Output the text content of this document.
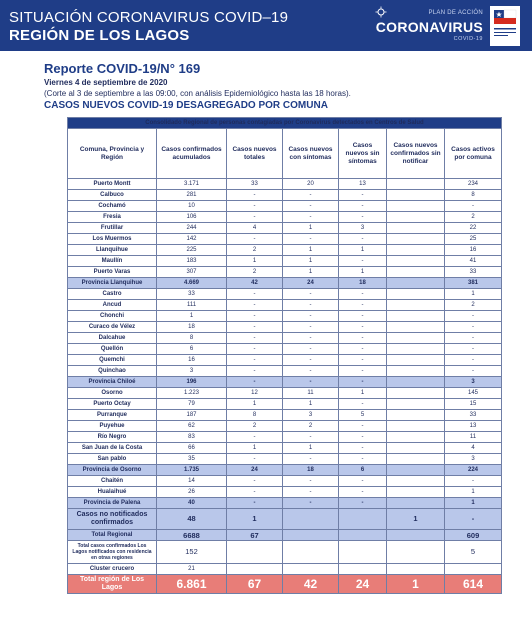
SITUACIÓN CORONAVIRUS COVID–19
REGIÓN DE LOS LAGOS
PLAN DE ACCIÓN
CORONAVIRUS
COVID-19
Reporte COVID-19/N° 169
Viernes 4 de septiembre de 2020
(Corte al 3 de septiembre a las 09:00, con análisis Epidemiológico hasta las 18 horas).
CASOS NUEVOS COVID-19 DESAGREGADO POR COMUNA
Consolidado Regional de personas contagiadas por Coronavirus detectados en Centros de Salud						
Comuna, Provincia y Región	Casos confirmados acumulados	Casos nuevos totales	Casos nuevos con síntomas	Casos nuevos sin síntomas	Casos nuevos confirmados sin notificar	Casos activos por comuna
Puerto Montt	3.171	33	20	13		234
Calbuco	281	-	-	-		8
Cochamó	10	-	-	-		-
Fresia	106	-	-	-		2
Frutillar	244	4	1	3		22
Los Muermos	142	-	-	-		25
Llanquihue	225	2	1	1		16
Maullín	183	1	1	-		41
Puerto Varas	307	2	1	1		33
Provincia Llanquihue	4.669	42	24	18		381
Castro	33	-	-	-		1
Ancud	111	-	-	-		2
Chonchi	1	-	-	-		-
Curaco de Vélez	18	-	-	-		-
Dalcahue	8	-	-	-		-
Quellón	6	-	-	-		-
Quemchi	16	-	-	-		-
Quinchao	3	-	-	-		-
Provincia Chiloé	196	-	-	-		3
Osorno	1.223	12	11	1		145
Puerto Octay	79	1	1	-		15
Purranque	187	8	3	5		33
Puyehue	62	2	2	-		13
Río Negro	83	-	-	-		11
San Juan de la Costa	66	1	1	-		4
San pablo	35	-	-	-		3
Provincia de Osorno	1.735	24	18	6		224
Chaitén	14	-	-	-		-
Hualaihué	26	-	-	-		1
Provincia de Palena	40	-	-	-		1
Casos no notificados confirmados	48	1			1	-
Total Regional	6688	67				609
Total casos confirmados Los Lagos notificados con residencia en otras regiones	152					5
Cluster crucero	21					
Total región de Los Lagos	6.861	67	42	24	1	614
